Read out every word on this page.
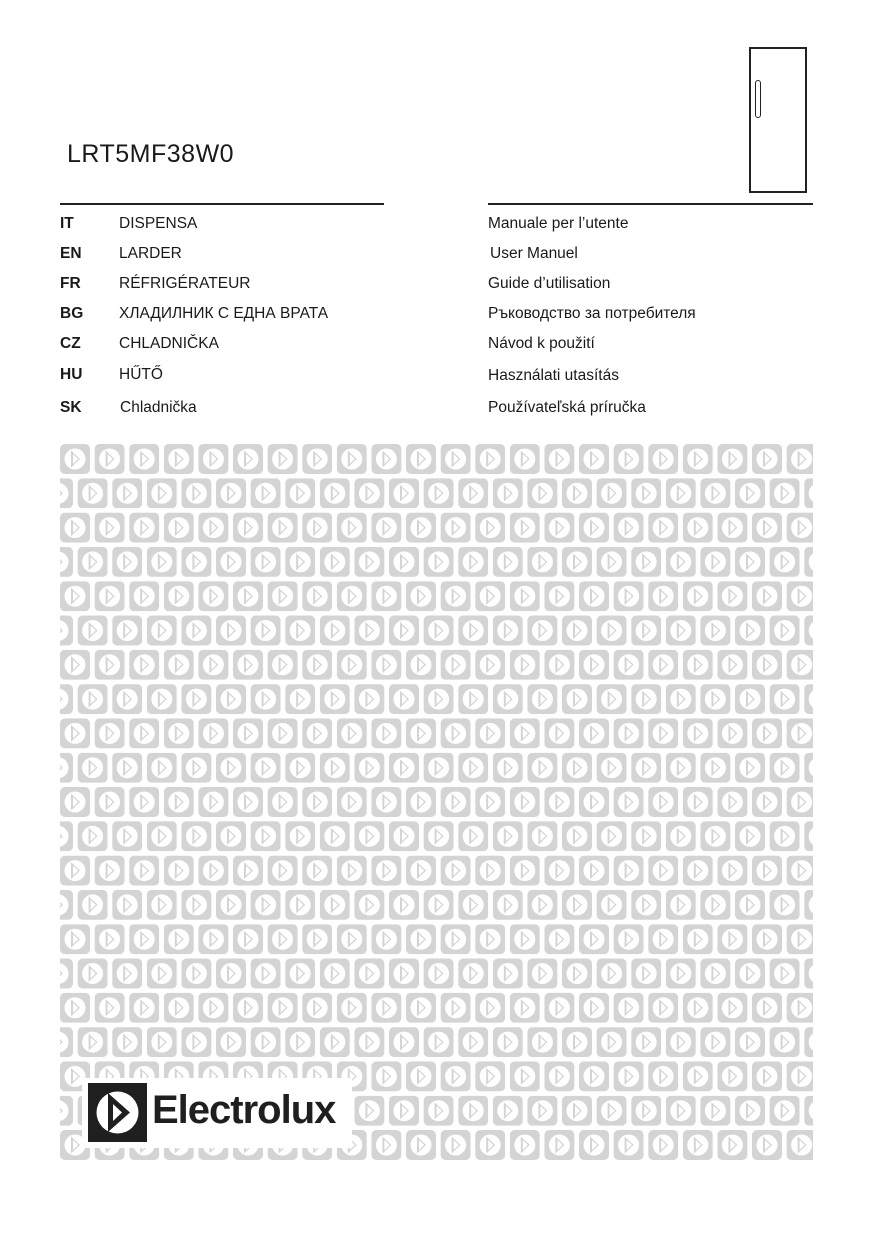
LRT5MF38W0
IT	DISPENSA	Manuale per l’utente
EN	LARDER	User Manuel
FR	RÉFRIGÉRATEUR	Guide d’utilisation
BG	ХЛАДИЛНИК С ЕДНА ВРАТА	Ръководство за потребителя
CZ	CHLADNIČKA	Návod k použití
HU	HŰTŐ	Használati utasítás
SK	Chladnička	Používateľská príručka
Electrolux
